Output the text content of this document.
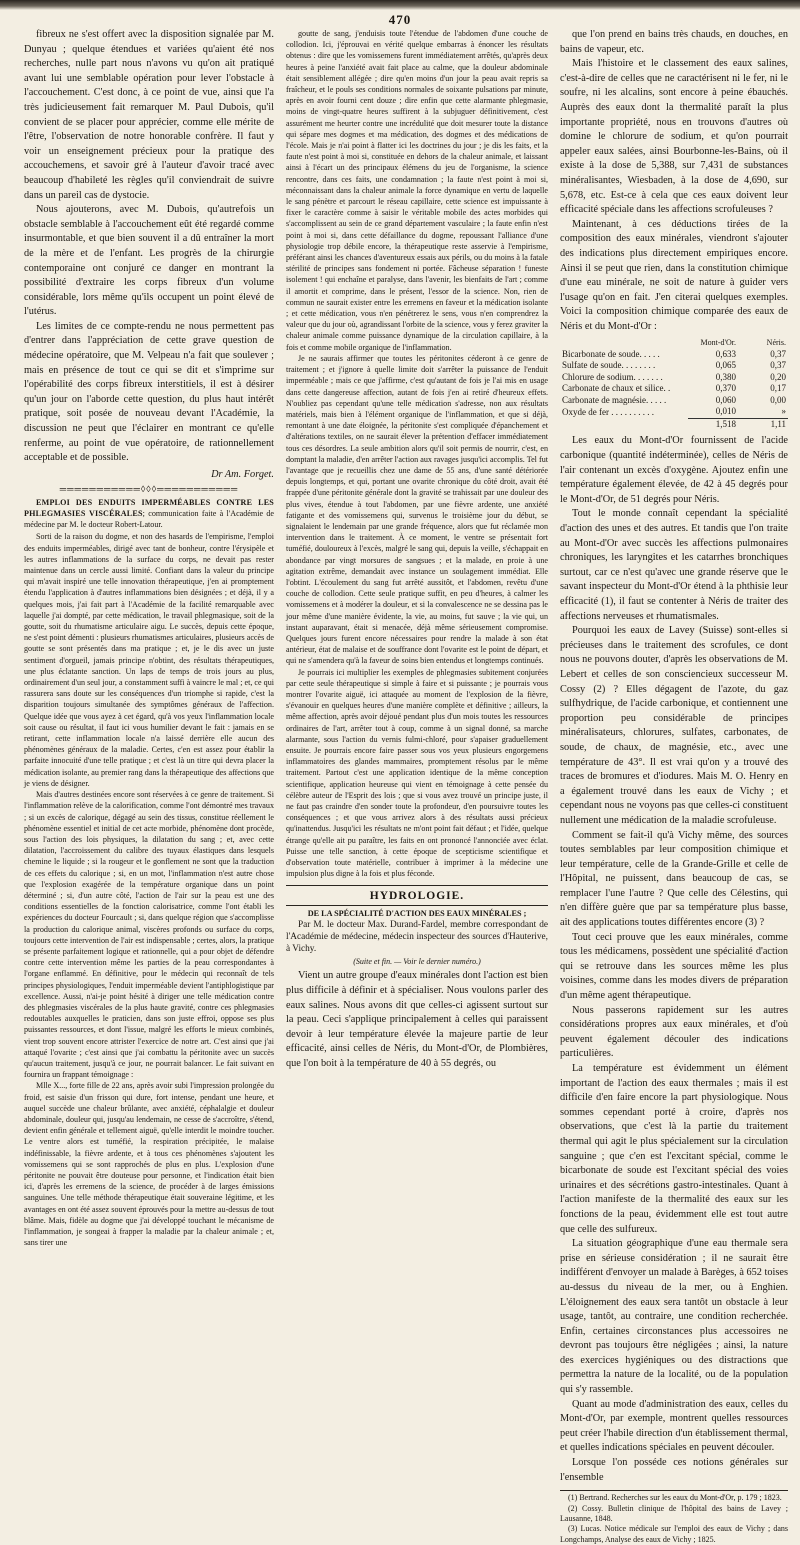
470

fibreux ne s'est offert avec la disposition signalée par M. Dunyau ; quelque étendues et variées qu'aient été nos recherches, nulle part nous n'avons vu qu'on ait pratiqué avant lui une semblable opération pour lever l'obstacle à l'accouchement. C'est donc, à ce point de vue, ainsi que l'a très judicieusement fait remarquer M. Paul Dubois, qu'il convient de se placer pour apprécier, comme elle mérite de l'être, l'observation de notre honorable confrère. Il faut y voir un enseignement précieux pour la pratique des accouchemens, et savoir gré à l'auteur d'avoir tracé avec beaucoup d'habileté les règles qu'il conviendrait de suivre dans un pareil cas de dystocie.

Nous ajouterons, avec M. Dubois, qu'autrefois un obstacle semblable à l'accouchement eût été regardé comme insurmontable, et que bien souvent il a dû entraîner la mort de la mère et de l'enfant. Les progrès de la chirurgie contemporaine ont conjuré ce danger en montrant la possibilité d'extraire les corps fibreux d'un volume considérable, lors même qu'ils occupent un point élevé de l'utérus.

Les limites de ce compte-rendu ne nous permettent pas d'entrer dans l'appréciation de cette grave question de médecine opératoire, que M. Velpeau n'a fait que soulever ; mais en présence de tout ce qui se dit et s'imprime sur l'opérabilité des corps fibreux interstitiels, il est à désirer qu'un jour on l'aborde cette question, du plus haut intérêt pratique, soit posée de nouveau devant l'Académie, la discussion ne peut que l'éclairer en montrant ce qu'elle renferme, au point de vue opératoire, de rationnellement acceptable et de possible.

Dr Am. Forget.
═══════════◊◊◊═══════════
EMPLOI DES ENDUITS IMPERMÉABLES CONTRE LES PHLEGMASIES VISCÉRALES; communication faite à l'Académie de médecine par M. le docteur Robert-Latour.

Sorti de la raison du dogme, et non des hasards de l'empirisme, l'emploi des enduits imperméables, dirigé avec tant de bonheur, contre l'érysipèle et les autres inflammations de la surface du corps, ne devait pas rester maintenue dans un cercle aussi limité. Confiant dans la valeur du principe qui m'avait inspiré une telle innovation thérapeutique, j'en ai promptement étendu l'application à d'autres inflammations bien désignées ; et déjà, il y a quelques mois, j'ai fait part à l'Académie de la facilité remarquable avec laquelle j'ai dompté, par cette médication, le travail phlegmasique, soit de la goutte, soit du rhumatisme articulaire aigu. Le succès, depuis cette époque, ne s'est point démenti : plusieurs rhumatismes articulaires, plusieurs accès de goutte se sont présentés dans ma pratique ; et, je le dis avec un juste sentiment d'orgueil, jamais principe n'obtint, des résultats thérapeutiques, une plus éclatante sanction. Un laps de temps de trois jours au plus, ordinairement d'un seul jour, a constamment suffi à vaincre le mal ; et, ce qui rassurera sans doute sur les conséquences d'un triomphe si rapide, c'est la disparition toujours simultanée des symptômes généraux de l'affection. Quelque idée que vous ayez à cet égard, qu'à vos yeux l'inflammation locale soit cause ou résultat, il faut ici vous humilier devant le fait : jamais en se retirant, cette inflammation locale n'a laissé derrière elle aucun des phénomènes généraux de la maladie. Certes, c'en est assez pour établir la parfaite innocuité d'une telle pratique ; et c'est là un titre qui devra placer la médication isolante, au premier rang dans la thérapeutique des affections que je viens de désigner.

Mais d'autres destinées encore sont réservées à ce genre de traitement. Si l'inflammation relève de la calorification, comme l'ont démontré mes travaux ; si un excès de calorique, dégagé au sein des tissus, constitue réellement le phénomène essentiel et initial de cet acte morbide, phénomène dont procède, sous l'action des lois physiques, la dilatation du sang ; et, avec cette dilatation, l'accroissement du calibre des tuyaux élastiques dans lesquels chemine le liquide ; si la rougeur et le gonflement ne sont que la traduction de ces effets du calorique ; si, en un mot, l'inflammation n'est autre chose que l'explosion exagérée de la température organique dans un point déterminé ; si, d'un autre côté, l'action de l'air sur la peau est une des conditions essentielles de la fonction calorisatrice, comme l'ont établi les expériences du docteur Fourcault ; si, dans quelque région que s'accomplisse la production du calorique animal, viscères profonds ou surface du corps, toujours cette intervention de l'air est indispensable ; certes, alors, la pratique se présente parfaitement logique et rationnelle, qui a pour objet de défendre contre cette intervention même les parties de la peau correspondantes à l'organe enflammé. En définitive, pour le médecin qui reconnaît de tels principes physiologiques, l'enduit imperméable devient l'antiphlogistique par excellence. Aussi, n'ai-je point hésité à diriger une telle médication contre des phlegmasies viscérales de la plus haute gravité, contre ces phlegmasies redoutables auxquelles le praticien, dans son juste effroi, oppose ses plus puissantes ressources, et dont l'issue, malgré les efforts le mieux combinés, vient trop souvent encore attrister l'exercice de notre art. C'est ainsi que j'ai attaqué l'ovarite ; c'est ainsi que j'ai combattu la péritonite avec un succès qu'aucun traitement, jusqu'à ce jour, ne pourrait balancer. Le fait suivant en fournira un frappant témoignage :

Mlle X..., forte fille de 22 ans, après avoir subi l'impression prolongée du froid, est saisie d'un frisson qui dure, fort intense, pendant une heure, et auquel succède une chaleur brûlante, avec anxiété, céphalalgie et douleur abdominale, douleur qui, jusqu'au lendemain, ne cesse de s'accroître, s'étend, devient enfin générale et tellement aiguë, qu'elle interdit le moindre toucher. Le ventre alors est tuméfié, la respiration précipitée, le malaise indéfinissable, la fièvre ardente, et à tous ces phénomènes s'ajoutent les vomissemens qui se sont rapprochés de plus en plus. L'explosion d'une péritonite ne pouvait être douteuse pour personne, et l'indication était bien ici, d'après les erremens de la science, de procéder à de larges émissions sanguines. Une telle méthode thérapeutique était souveraine légitime, et les avantages en ont été assez souvent éprouvés pour la mettre au-dessus de tout blâme. Mais, fidèle au dogme que j'ai développé touchant le mécanisme de l'inflammation, je songeai à frapper la maladie par la chaleur animale ; et, sans tirer une

goutte de sang, j'enduisis toute l'étendue de l'abdomen d'une couche de collodion. Ici, j'éprouvai en vérité quelque embarras à énoncer les résultats obtenus : dire que les vomissemens furent immédiatement arrêtés, qu'après deux heures à peine l'anxiété avait fait place au calme, que la douleur abdominale était sensiblement allégée ; dire qu'en moins d'un jour la peau avait repris sa fraîcheur, et le pouls ses conditions normales de soixante pulsations par minute, après en avoir fourni cent douze ; dire enfin que cette alarmante phlegmasie, moins de vingt-quatre heures suffirent à la subjuguer définitivement, c'est assurément me heurter contre une incrédulité que doit mesurer toute la distance qui sépare mes dogmes et ma médication, des dogmes et des médications de l'école. Mais je n'ai point à flatter ici les doctrines du jour ; je dis les faits, et la faute n'est point à moi si, constituée en dehors de la chaleur animale, et laissant ainsi à l'écart un des principaux élémens du jeu de l'organisme, la science rencontre, dans ces faits, une condamnation ; la faute n'est point à moi si, méconnaissant dans la chaleur animale la force dynamique en vertu de laquelle le sang pénètre et parcourt le réseau capillaire, cette science est impuissante à fixer le caractère comme à saisir le véritable mobile des actes morbides qui s'accomplissent au sein de ce grand département vasculaire ; la faute enfin n'est point à moi si, dans cette défaillance du dogme, repoussant l'alliance d'une physiologie trop débile encore, la thérapeutique reste asservie à l'empirisme, préférant ainsi les chances d'aventureux essais aux périls, ou du moins à la fatale stérilité de principes sans fondement ni portée. Fâcheuse séparation ! funeste isolement ! qui enchaîne et paralyse, dans l'avenir, les bienfaits de l'art ; comme il amortit et comprime, dans le présent, l'essor de la science. Non, rien de commun ne saurait exister entre les erremens en faveur et la médication isolante ; et cette médication, vous n'en pénétrerez le sens, vous n'en comprendrez la valeur que du jour où, agrandissant l'orbite de la science, vous y ferez graviter la chaleur animale comme puissance dynamique de la circulation capillaire, à la fois et comme mobile organique de l'inflammation.

Je ne saurais affirmer que toutes les péritonites céderont à ce genre de traitement ; et j'ignore à quelle limite doit s'arrêter la puissance de l'enduit imperméable ; mais ce que j'affirme, c'est qu'autant de fois je l'ai mis en usage dans cette dangereuse affection, autant de fois j'en ai retiré d'heureux effets. N'oubliez pas cependant qu'une telle médication s'adresse, non aux résultats matériels, mais bien à l'élément organique de l'inflammation, et que si déjà, remontant à une date éloignée, la péritonite s'est compliquée d'épanchement et d'altérations textiles, on ne saurait élever la prétention d'effacer immédiatement tous ces désordres. La seule ambition alors qu'il soit permis de nourrir, c'est, en domptant la maladie, d'en arrêter l'action aux ravages jusqu'ici accomplis. Tel fut l'avantage que je recueillis chez une dame de 55 ans, d'une santé détériorée depuis longtemps, et qui, portant une ovarite chronique du côté droit, avait été frappée d'une péritonite générale dont la gravité se trahissait par une douleur des plus vives, étendue à tout l'abdomen, par une fièvre ardente, une anxiété fatigante et des vomissemens qui, survenus le troisième jour du début, se signalaient le lendemain par une grande fréquence, alors que fut réclamée mon intervention dans le traitement. À ce moment, le ventre se présentait fort tuméfié, douloureux à l'excès, malgré le sang qui, depuis la veille, s'échappait en abondance par vingt morsures de sangsues ; et la malade, en proie à une agitation extrême, demandait avec instance un soulagement immédiat. Elle l'obtint. L'écoulement du sang fut arrêté aussitôt, et l'abdomen, revêtu d'une couche de collodion. Cette seule pratique suffit, en peu d'heures, à calmer les vomissemens et à modérer la douleur, et si la convalescence ne se dessina pas le jour même d'une manière évidente, la vie, au moins, fut sauve ; la vie qui, un instant auparavant, était si menacée, déjà même sérieusement compromise. Quelques jours furent encore nécessaires pour rendre la malade à son état antérieur, état de malaise et de souffrance dont l'ovarite est le point de départ, et qui ne s'amendera qu'à la faveur de soins bien entendus et longtemps continués.

Je pourrais ici multiplier les exemples de phlegmasies subitement conjurées par cette seule thérapeutique si simple à faire et si puissante ; je pourrais vous montrer l'ovarite aiguë, ici attaquée au moment de l'explosion de la fièvre, s'évanouir en quelques heures d'une manière complète et définitive ; ailleurs, la même affection, après avoir déjoué pendant plus d'un mois toutes les ressources ordinaires de l'art, arrêter tout à coup, comme à un signal donné, sa marche alarmante, sous l'action du vernis fulmi-chloré, pour s'apaiser graduellement ensuite. Je pourrais encore faire passer sous vos yeux plusieurs engorgemens inflammatoires des glandes mammaires, promptement résolus par le même traitement. Partout c'est une application identique de la même conception scientifique, application heureuse qui vient en témoignage à cette pensée du célèbre auteur de l'Esprit des lois ; que si vous avez trouvé un principe juste, il ne faut pas craindre d'en sonder toute la profondeur, d'en poursuivre toutes les conséquences ; et que vous arrivez alors à des résultats aussi précieux qu'inattendus. Jusqu'ici les résultats ne m'ont point fait défaut ; et l'idée, quelque étrange qu'elle ait pu paraître, les faits en ont prononcé l'annonciée avec éclat. Puisse une telle sanction, à cette époque de scepticisme scientifique et d'observation toute matérielle, contribuer à imprimer à la médecine une impulsion plus digne à la fois et plus féconde.

HYDROLOGIE.
DE LA SPÉCIALITÉ D'ACTION DES EAUX MINÉRALES ;
Par M. le docteur Max. Durand-Fardel, membre correspondant de l'Académie de médecine, médecin inspecteur des sources d'Hauterive, à Vichy.
(Suite et fin. — Voir le dernier numéro.)

Vient un autre groupe d'eaux minérales dont l'action est bien plus difficile à définir et à spécialiser. Nous voulons parler des eaux salines. Nous avons dit que celles-ci agissent surtout sur la peau. Ceci s'applique principalement à celles qui paraissent devoir à leur température élevée la majeure partie de leur efficacité, ainsi celles de Néris, du Mont-d'Or, de Plombières, que l'on boit à la température de 40 à 55 degrés, ou

que l'on prend en bains très chauds, en douches, en bains de vapeur, etc.

Mais l'histoire et le classement des eaux salines, c'est-à-dire de celles que ne caractérisent ni le fer, ni le soufre, ni les alcalins, sont encore à peine ébauchés. Auprès des eaux dont la thermalité paraît la plus importante propriété, nous en trouvons d'autres où domine le chlorure de sodium, et qu'on pourrait appeler eaux salées, ainsi Bourbonne-les-Bains, où il existe à la dose de 5,388, sur 7,431 de substances minéralisantes, Wiesbaden, à la dose de 4,690, sur 5,678, etc. Est-ce à cela que ces eaux doivent leur efficacité spéciale dans les affections scrofuleuses ?

Maintenant, à ces déductions tirées de la composition des eaux minérales, viendront s'ajouter des indications plus directement empiriques encore. Ainsi il se peut que rien, dans la constitution chimique d'une eau minérale, ne soit de nature à guider vers l'usage qu'on en fait. J'en citerai quelques exemples. Voici la composition chimique comparée des eaux de Néris et du Mont-d'Or :

	Mont-d'Or.	Néris.
Bicarbonate de soude. . . . .	0,633	0,37
Sulfate de soude. . . . . . . .	0,065	0,37
Chlorure de sodium. . . . . . .	0,380	0,20
Carbonate de chaux et silice. .	0,370	0,17
Carbonate de magnésie. . . . .	0,060	0,00
Oxyde de fer . . . . . . . . . .	0,010	»
	1,518	1,11

Les eaux du Mont-d'Or fournissent de l'acide carbonique (quantité indéterminée), celles de Néris de l'air contenant un excès d'oxygène. Ajoutez enfin une température également élevée, de 42 à 45 degrés pour le Mont-d'Or, de 51 degrés pour Néris.

Tout le monde connaît cependant la spécialité d'action des unes et des autres. Et tandis que l'on traite au Mont-d'Or avec succès les affections pulmonaires chroniques, les laryngites et les catarrhes bronchiques surtout, car ce n'est qu'avec une grande réserve que le savant inspecteur du Mont-d'Or étend à la phthisie leur efficacité (1), il faut se contenter à Néris de traiter des affections nerveuses et rhumatismales.

Pourquoi les eaux de Lavey (Suisse) sont-elles si précieuses dans le traitement des scrofules, ce dont nous ne pouvons douter, d'après les observations de M. Lebert et celles de son consciencieux successeur M. Cossy (2) ? Elles dégagent de l'azote, du gaz sulfhydrique, de l'acide carbonique, et contiennent une proportion peu considérable de principes minéralisateurs, chlorures, sulfates, carbonates, de soude, de chaux, de magnésie, etc., avec une température de 43°. Il est vrai qu'on y a trouvé des traces de bromures et d'iodures. Mais M. O. Henry en a également trouvé dans les eaux de Vichy ; et cependant nous ne voyons pas que celles-ci constituent nullement une médication de la maladie scrofuleuse.

Comment se fait-il qu'à Vichy même, des sources toutes semblables par leur composition chimique et leur température, celle de la Grande-Grille et celle de l'Hôpital, ne puissent, dans beaucoup de cas, se remplacer l'une l'autre ? Que celle des Célestins, qui n'en diffère guère que par sa température plus basse, ait des applications toutes différentes encore (3) ?

Tout ceci prouve que les eaux minérales, comme tous les médicamens, possèdent une spécialité d'action qui se retrouve dans les sources même les plus voisines, comme dans les modes divers de préparation d'un même agent thérapeutique.

Nous passerons rapidement sur les autres considérations propres aux eaux minérales, et d'où peuvent également découler des indications particulières.

La température est évidemment un élément important de l'action des eaux thermales ; mais il est difficile d'en faire encore la part physiologique. Nous sommes cependant porté à croire, d'après nos observations, que c'est là la partie du traitement thermal qui agit le plus spécialement sur la circulation sanguine ; que c'en est l'excitant spécial, comme le bicarbonate de soude est l'excitant spécial des voies urinaires et des sécrétions gastro-intestinales. Quant à l'action manifeste de la thermalité des eaux sur les fonctions de la peau, évidemment elle est tout autre que celle des sulfureux.

La situation géographique d'une eau thermale sera prise en sérieuse considération ; il ne saurait être indifférent d'envoyer un malade à Barèges, à 652 toises au-dessus du niveau de la mer, ou à Enghien. L'éloignement des eaux sera tantôt un obstacle à leur usage, tantôt, au contraire, une condition recherchée. Enfin, certaines circonstances plus accessoires ne devront pas toujours être négligées ; ainsi, la nature des exercices hygiéniques ou des distractions que permettra la nature de la localité, ou de la population qui s'y rassemble.

Quant au mode d'administration des eaux, celles du Mont-d'Or, par exemple, montrent quelles ressources peut créer l'habile direction d'un établissement thermal, et quelles indications spéciales en peuvent découler.

Lorsque l'on posséde ces notions générales sur l'ensemble

(1) Bertrand. Recherches sur les eaux du Mont-d'Or, p. 179 ; 1823.

(2) Cossy. Bulletin clinique de l'hôpital des bains de Lavey ; Lausanne, 1848.

(3) Lucas. Notice médicale sur l'emploi des eaux de Vichy ; dans Longchamps, Analyse des eaux de Vichy ; 1825.
